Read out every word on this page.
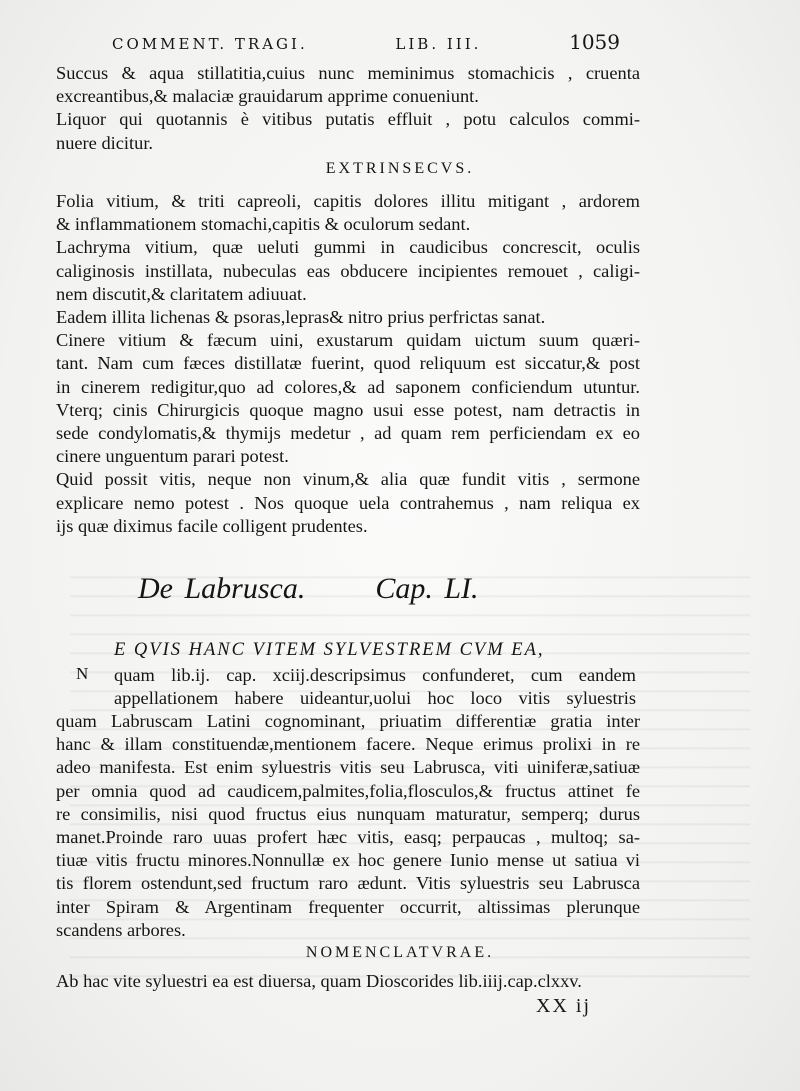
COMMENT. TRAGI.	LIB. III.	1059
Succus & aqua stillatitia,cuius nunc meminimus stomachicis , cruenta
excreantibus,& malaciæ grauidarum apprime conueniunt.
Liquor qui quotannis è vitibus putatis effluit , potu calculos commi-
nuere dicitur.
EXTRINSECVS.
Folia vitium, & triti capreoli, capitis dolores illitu mitigant , ardorem
& inflammationem stomachi,capitis & oculorum sedant.
Lachryma vitium, quæ ueluti gummi in caudicibus concrescit, oculis
caliginosis instillata, nubeculas eas obducere incipientes remouet , caligi-
nem discutit,& claritatem adiuuat.
Eadem illita lichenas & psoras,lepras& nitro prius perfrictas sanat.
Cinere vitium & fæcum uini, exustarum quidam uictum suum quæri-
tant. Nam cum fæces distillatæ fuerint, quod reliquum est siccatur,& post
in cinerem redigitur,quo ad colores,& ad saponem conficiendum utuntur.
Vterq; cinis Chirurgicis quoque magno usui esse potest, nam detractis in
sede condylomatis,& thymijs medetur , ad quam rem perficiendam ex eo
cinere unguentum parari potest.
Quid possit vitis, neque non vinum,& alia quæ fundit vitis , sermone
explicare nemo potest . Nos quoque uela contrahemus , nam reliqua ex
ijs quæ diximus facile colligent prudentes.
De Labrusca. Cap. LI.
E QVIS HANC VITEM SYLVESTREM CVM EA,
N quam lib.ij. cap. xciij.descripsimus confunderet, cum eandem
appellationem habere uideantur,uolui hoc loco vitis syluestris
quam Labruscam Latini cognominant, priuatim differentiæ gratia inter
hanc & illam constituendæ,mentionem facere. Neque erimus prolixi in re
adeo manifesta. Est enim syluestris vitis seu Labrusca, viti uiniferæ,satiuæ
per omnia quod ad caudicem,palmites,folia,flosculos,& fructus attinet fe
re consimilis, nisi quod fructus eius nunquam maturatur, semperq; durus
manet.Proinde raro uuas profert hæc vitis, easq; perpaucas , multoq; sa-
tiuæ vitis fructu minores.Nonnullæ ex hoc genere Iunio mense ut satiua vi
tis florem ostendunt,sed fructum raro ædunt. Vitis syluestris seu Labrusca
inter Spiram & Argentinam frequenter occurrit, altissimas plerunque
scandens arbores.
NOMENCLATVRAE.
Ab hac vite syluestri ea est diuersa, quam Dioscorides lib.iiij.cap.clxxv.
XX ij
